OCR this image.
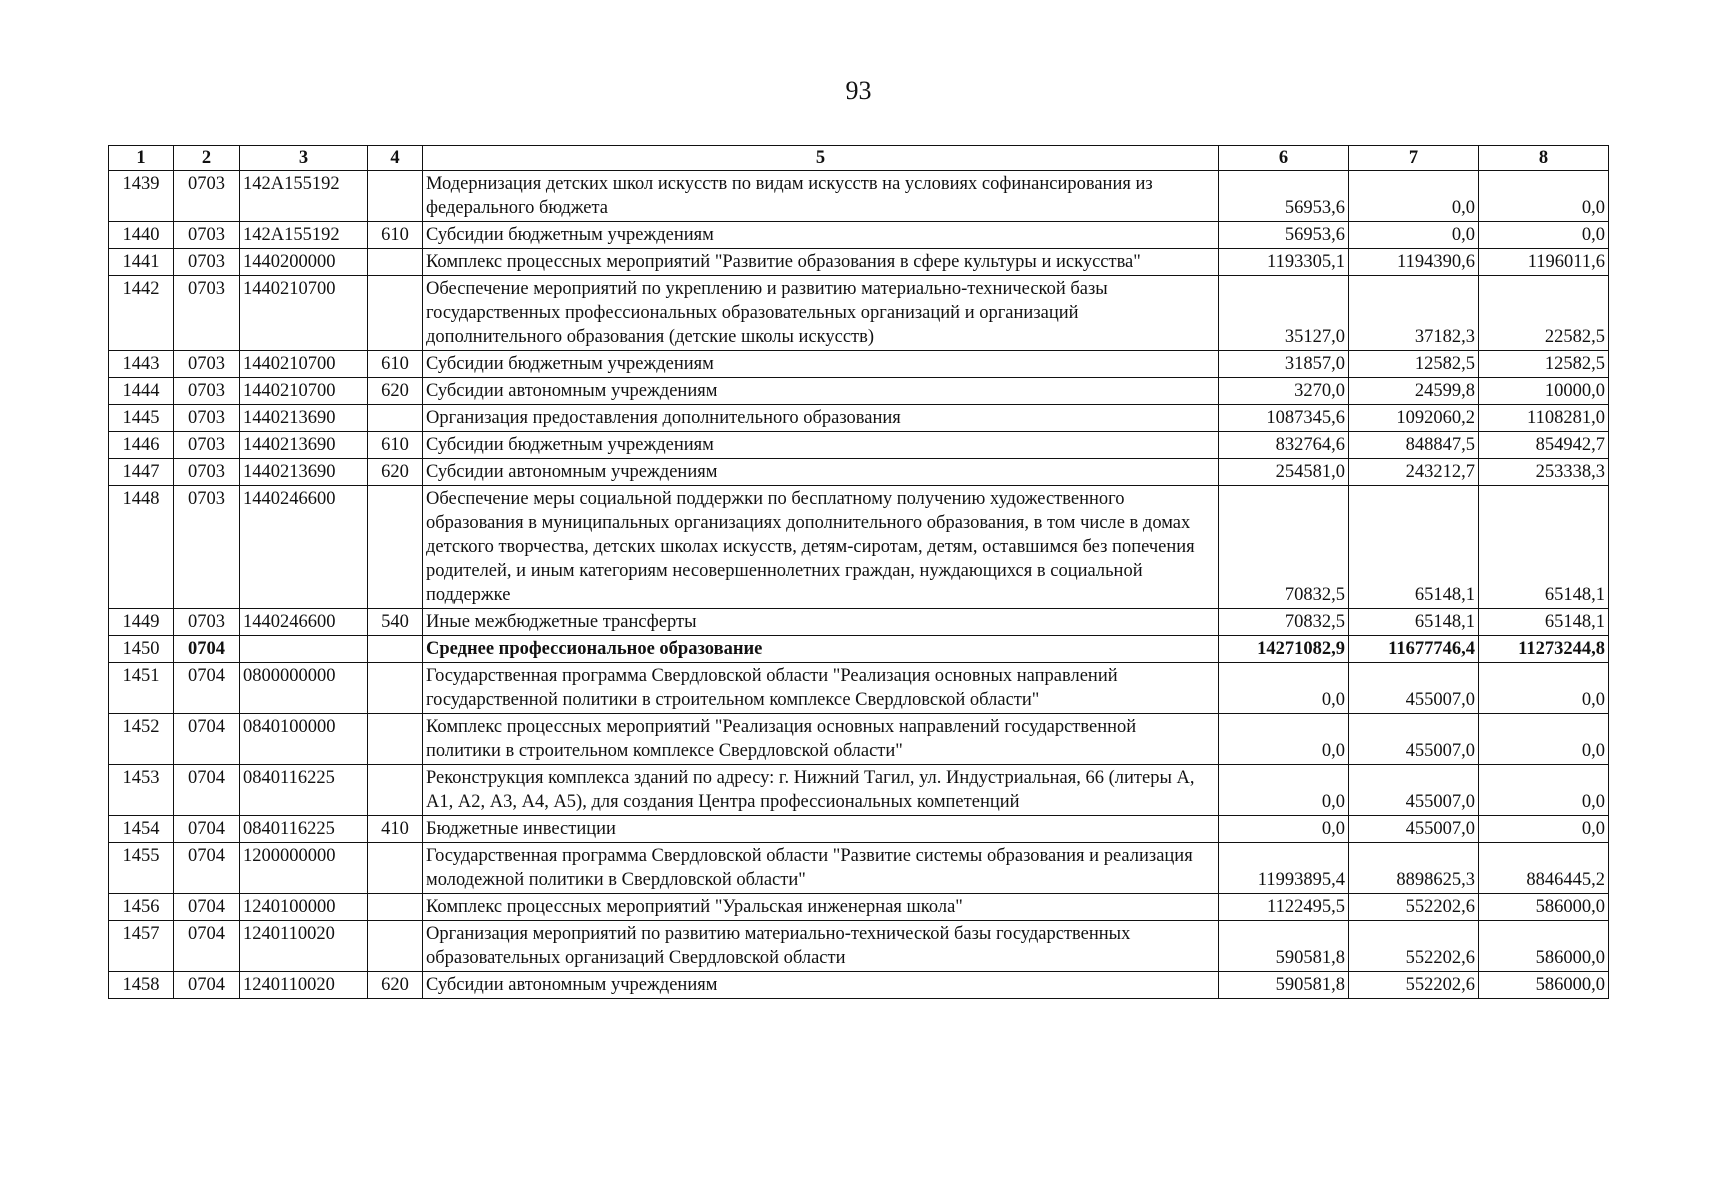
93
1	2	3	4	5	6	7	8
1439	0703	142A155192		Модернизация детских школ искусств по видам искусств на условиях софинансирования из федерального бюджета	56953,6	0,0	0,0
1440	0703	142A155192	610	Субсидии бюджетным учреждениям	56953,6	0,0	0,0
1441	0703	1440200000		Комплекс процессных мероприятий "Развитие образования в сфере культуры и искусства"	1193305,1	1194390,6	1196011,6
1442	0703	1440210700		Обеспечение мероприятий по укреплению и развитию материально-технической базы государственных профессиональных образовательных организаций и организаций дополнительного образования (детские школы искусств)	35127,0	37182,3	22582,5
1443	0703	1440210700	610	Субсидии бюджетным учреждениям	31857,0	12582,5	12582,5
1444	0703	1440210700	620	Субсидии автономным учреждениям	3270,0	24599,8	10000,0
1445	0703	1440213690		Организация предоставления дополнительного образования	1087345,6	1092060,2	1108281,0
1446	0703	1440213690	610	Субсидии бюджетным учреждениям	832764,6	848847,5	854942,7
1447	0703	1440213690	620	Субсидии автономным учреждениям	254581,0	243212,7	253338,3
1448	0703	1440246600		Обеспечение меры социальной поддержки по бесплатному получению художественного образования в муниципальных организациях дополнительного образования, в том числе в домах детского творчества, детских школах искусств, детям-сиротам, детям, оставшимся без попечения родителей, и иным категориям несовершеннолетних граждан, нуждающихся в социальной поддержке	70832,5	65148,1	65148,1
1449	0703	1440246600	540	Иные межбюджетные трансферты	70832,5	65148,1	65148,1
1450	0704			Среднее профессиональное образование	14271082,9	11677746,4	11273244,8
1451	0704	0800000000		Государственная программа Свердловской области "Реализация основных направлений государственной политики в строительном комплексе Свердловской области"	0,0	455007,0	0,0
1452	0704	0840100000		Комплекс процессных мероприятий "Реализация основных направлений государственной политики в строительном комплексе Свердловской области"	0,0	455007,0	0,0
1453	0704	0840116225		Реконструкция комплекса зданий по адресу: г. Нижний Тагил, ул. Индустриальная, 66 (литеры А, А1, А2, А3, А4, А5), для создания Центра профессиональных компетенций	0,0	455007,0	0,0
1454	0704	0840116225	410	Бюджетные инвестиции	0,0	455007,0	0,0
1455	0704	1200000000		Государственная программа Свердловской области "Развитие системы образования и реализация молодежной политики в Свердловской области"	11993895,4	8898625,3	8846445,2
1456	0704	1240100000		Комплекс процессных мероприятий "Уральская инженерная школа"	1122495,5	552202,6	586000,0
1457	0704	1240110020		Организация мероприятий по развитию материально-технической базы государственных образовательных организаций Свердловской области	590581,8	552202,6	586000,0
1458	0704	1240110020	620	Субсидии автономным учреждениям	590581,8	552202,6	586000,0
